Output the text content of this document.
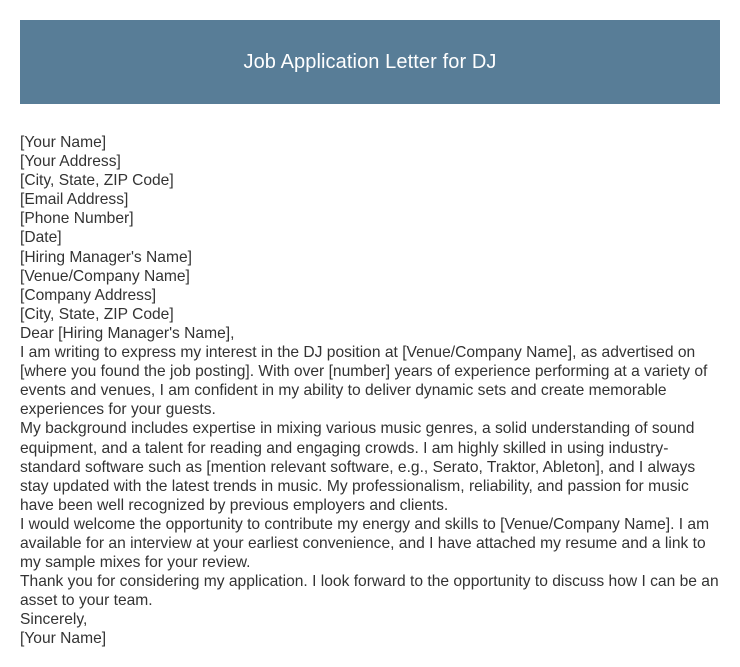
Job Application Letter for DJ
[Your Name]
[Your Address]
[City, State, ZIP Code]
[Email Address]
[Phone Number]
[Date]
[Hiring Manager's Name]
[Venue/Company Name]
[Company Address]
[City, State, ZIP Code]
Dear [Hiring Manager's Name],
I am writing to express my interest in the DJ position at [Venue/Company Name], as advertised on [where you found the job posting]. With over [number] years of experience performing at a variety of events and venues, I am confident in my ability to deliver dynamic sets and create memorable experiences for your guests.
My background includes expertise in mixing various music genres, a solid understanding of sound equipment, and a talent for reading and engaging crowds. I am highly skilled in using industry-standard software such as [mention relevant software, e.g., Serato, Traktor, Ableton], and I always stay updated with the latest trends in music. My professionalism, reliability, and passion for music have been well recognized by previous employers and clients.
I would welcome the opportunity to contribute my energy and skills to [Venue/Company Name]. I am available for an interview at your earliest convenience, and I have attached my resume and a link to my sample mixes for your review.
Thank you for considering my application. I look forward to the opportunity to discuss how I can be an asset to your team.
Sincerely,
[Your Name]
